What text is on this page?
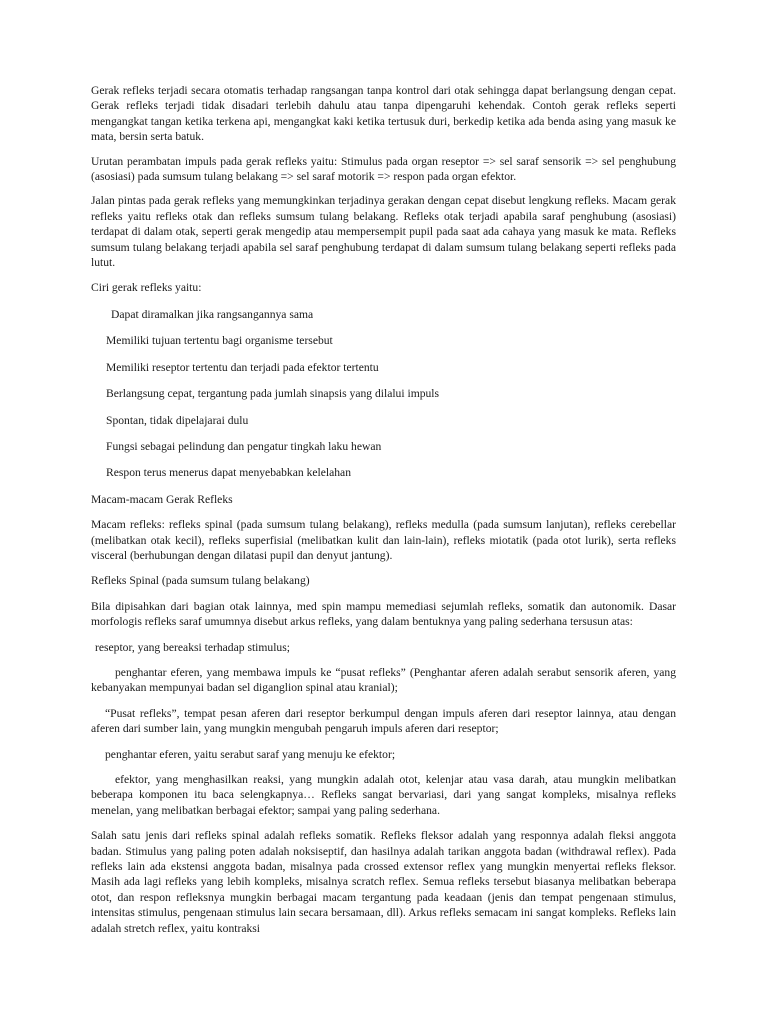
Gerak refleks terjadi secara otomatis terhadap rangsangan tanpa kontrol dari otak sehingga dapat berlangsung dengan cepat. Gerak refleks terjadi tidak disadari terlebih dahulu atau tanpa dipengaruhi kehendak. Contoh gerak refleks seperti mengangkat tangan ketika terkena api, mengangkat kaki ketika tertusuk duri, berkedip ketika ada benda asing yang masuk ke mata, bersin serta batuk.

Urutan perambatan impuls pada gerak refleks yaitu: Stimulus pada organ reseptor => sel saraf sensorik => sel penghubung (asosiasi) pada sumsum tulang belakang => sel saraf motorik => respon pada organ efektor.

Jalan pintas pada gerak refleks yang memungkinkan terjadinya gerakan dengan cepat disebut lengkung refleks. Macam gerak refleks yaitu refleks otak dan refleks sumsum tulang belakang. Refleks otak terjadi apabila saraf penghubung (asosiasi) terdapat di dalam otak, seperti gerak mengedip atau mempersempit pupil pada saat ada cahaya yang masuk ke mata. Refleks sumsum tulang belakang terjadi apabila sel saraf penghubung terdapat di dalam sumsum tulang belakang seperti refleks pada lutut.

Ciri gerak refleks yaitu:

Dapat diramalkan jika rangsangannya sama

Memiliki tujuan tertentu bagi organisme tersebut

Memiliki reseptor tertentu dan terjadi pada efektor tertentu

Berlangsung cepat, tergantung pada jumlah sinapsis yang dilalui impuls

Spontan, tidak dipelajarai dulu

Fungsi sebagai pelindung dan pengatur tingkah laku hewan

Respon terus menerus dapat menyebabkan kelelahan

Macam-macam Gerak Refleks

Macam refleks: refleks spinal (pada sumsum tulang belakang), refleks medulla (pada sumsum lanjutan), refleks cerebellar (melibatkan otak kecil), refleks superfisial (melibatkan kulit dan lain-lain), refleks miotatik (pada otot lurik), serta refleks visceral (berhubungan dengan dilatasi pupil dan denyut jantung).

Refleks Spinal (pada sumsum tulang belakang)

Bila dipisahkan dari bagian otak lainnya, med spin mampu memediasi sejumlah refleks, somatik dan autonomik. Dasar morfologis refleks saraf umumnya disebut arkus refleks, yang dalam bentuknya yang paling sederhana tersusun atas:

reseptor, yang bereaksi terhadap stimulus;

penghantar eferen, yang membawa impuls ke “pusat refleks” (Penghantar aferen adalah serabut sensorik aferen, yang kebanyakan mempunyai badan sel diganglion spinal atau kranial);

“Pusat refleks”, tempat pesan aferen dari reseptor berkumpul dengan impuls aferen dari reseptor lainnya, atau dengan aferen dari sumber lain, yang mungkin mengubah pengaruh impuls aferen dari reseptor;

penghantar eferen, yaitu serabut saraf yang menuju ke efektor;

efektor, yang menghasilkan reaksi, yang mungkin adalah otot, kelenjar atau vasa darah, atau mungkin melibatkan beberapa komponen itu baca selengkapnya… Refleks sangat bervariasi, dari yang sangat kompleks, misalnya refleks menelan, yang melibatkan berbagai efektor; sampai yang paling sederhana.

Salah satu jenis dari refleks spinal adalah refleks somatik. Refleks fleksor adalah yang responnya adalah fleksi anggota badan. Stimulus yang paling poten adalah noksiseptif, dan hasilnya adalah tarikan anggota badan (withdrawal reflex). Pada refleks lain ada ekstensi anggota badan, misalnya pada crossed extensor reflex yang mungkin menyertai refleks fleksor. Masih ada lagi refleks yang lebih kompleks, misalnya scratch reflex. Semua refleks tersebut biasanya melibatkan beberapa otot, dan respon refleksnya mungkin berbagai macam tergantung pada keadaan (jenis dan tempat pengenaan stimulus, intensitas stimulus, pengenaan stimulus lain secara bersamaan, dll). Arkus refleks semacam ini sangat kompleks. Refleks lain adalah stretch reflex, yaitu kontraksi
